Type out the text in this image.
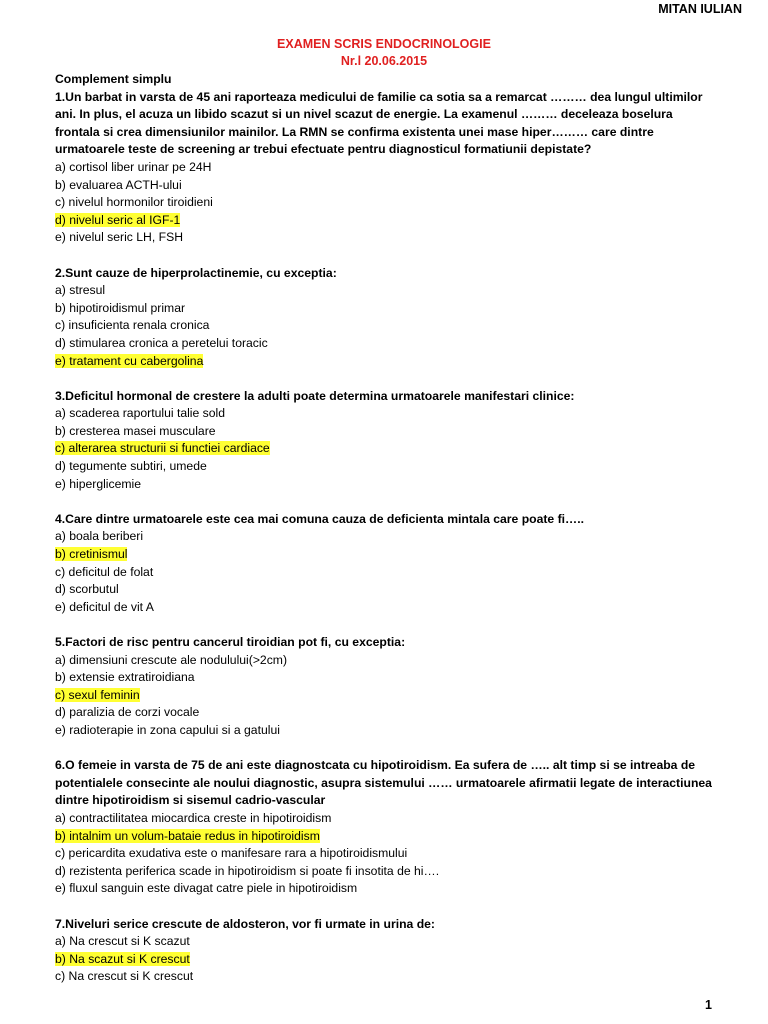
MITAN IULIAN
EXAMEN SCRIS ENDOCRINOLOGIE
Nr.l 20.06.2015
Complement simplu
1.Un barbat in varsta de 45 ani raporteaza medicului de familie ca sotia sa a remarcat ……… dea lungul ultimilor ani. In plus, el acuza un libido scazut si un nivel scazut de energie. La examenul ……… deceleaza boselura frontala si crea dimensiunilor mainilor. La RMN se confirma existenta unei mase hiper……… care dintre urmatoarele teste de screening ar trebui efectuate pentru diagnosticul formatiunii depistate?
a) cortisol liber urinar pe 24H
b) evaluarea ACTH-ului
c) nivelul hormonilor tiroidieni
d) nivelul seric al IGF-1
e) nivelul seric LH, FSH
2.Sunt cauze de hiperprolactinemie, cu exceptia:
a) stresul
b) hipotiroidismul primar
c) insuficienta renala cronica
d) stimularea cronica a peretelui toracic
e) tratament cu cabergolina
3.Deficitul hormonal de crestere la adulti poate determina urmatoarele manifestari clinice:
a) scaderea raportului talie sold
b) cresterea masei musculare
c) alterarea structurii si functiei cardiace
d) tegumente subtiri, umede
e) hiperglicemie
4.Care dintre urmatoarele este cea mai comuna cauza de deficienta mintala care poate fi…..
a) boala beriberi
b) cretinismul
c) deficitul de folat
d) scorbutul
e) deficitul de vit A
5.Factori de risc pentru cancerul tiroidian pot fi, cu exceptia:
a) dimensiuni crescute ale nodulului(>2cm)
b) extensie extratiroidiana
c) sexul feminin
d) paralizia de corzi vocale
e) radioterapie in zona capului si a gatului
6.O femeie in varsta de 75 de ani este diagnostcata cu hipotiroidism. Ea sufera de ….. alt timp si se intreaba de potentialele consecinte ale noului diagnostic, asupra sistemului …… urmatoarele afirmatii legate de interactiunea dintre hipotiroidism si sisemul cadrio-vascular
a) contractilitatea miocardica creste in hipotiroidism
b) intalnim un volum-bataie redus in hipotiroidism
c) pericardita exudativa este o manifesare rara a hipotiroidismului
d) rezistenta periferica scade in hipotiroidism si poate fi insotita de hi….
e) fluxul sanguin este divagat catre piele in hipotiroidism
7.Niveluri serice crescute de aldosteron, vor fi urmate in urina de:
a) Na crescut si K scazut
b) Na scazut si K crescut
c) Na crescut si K crescut
1
